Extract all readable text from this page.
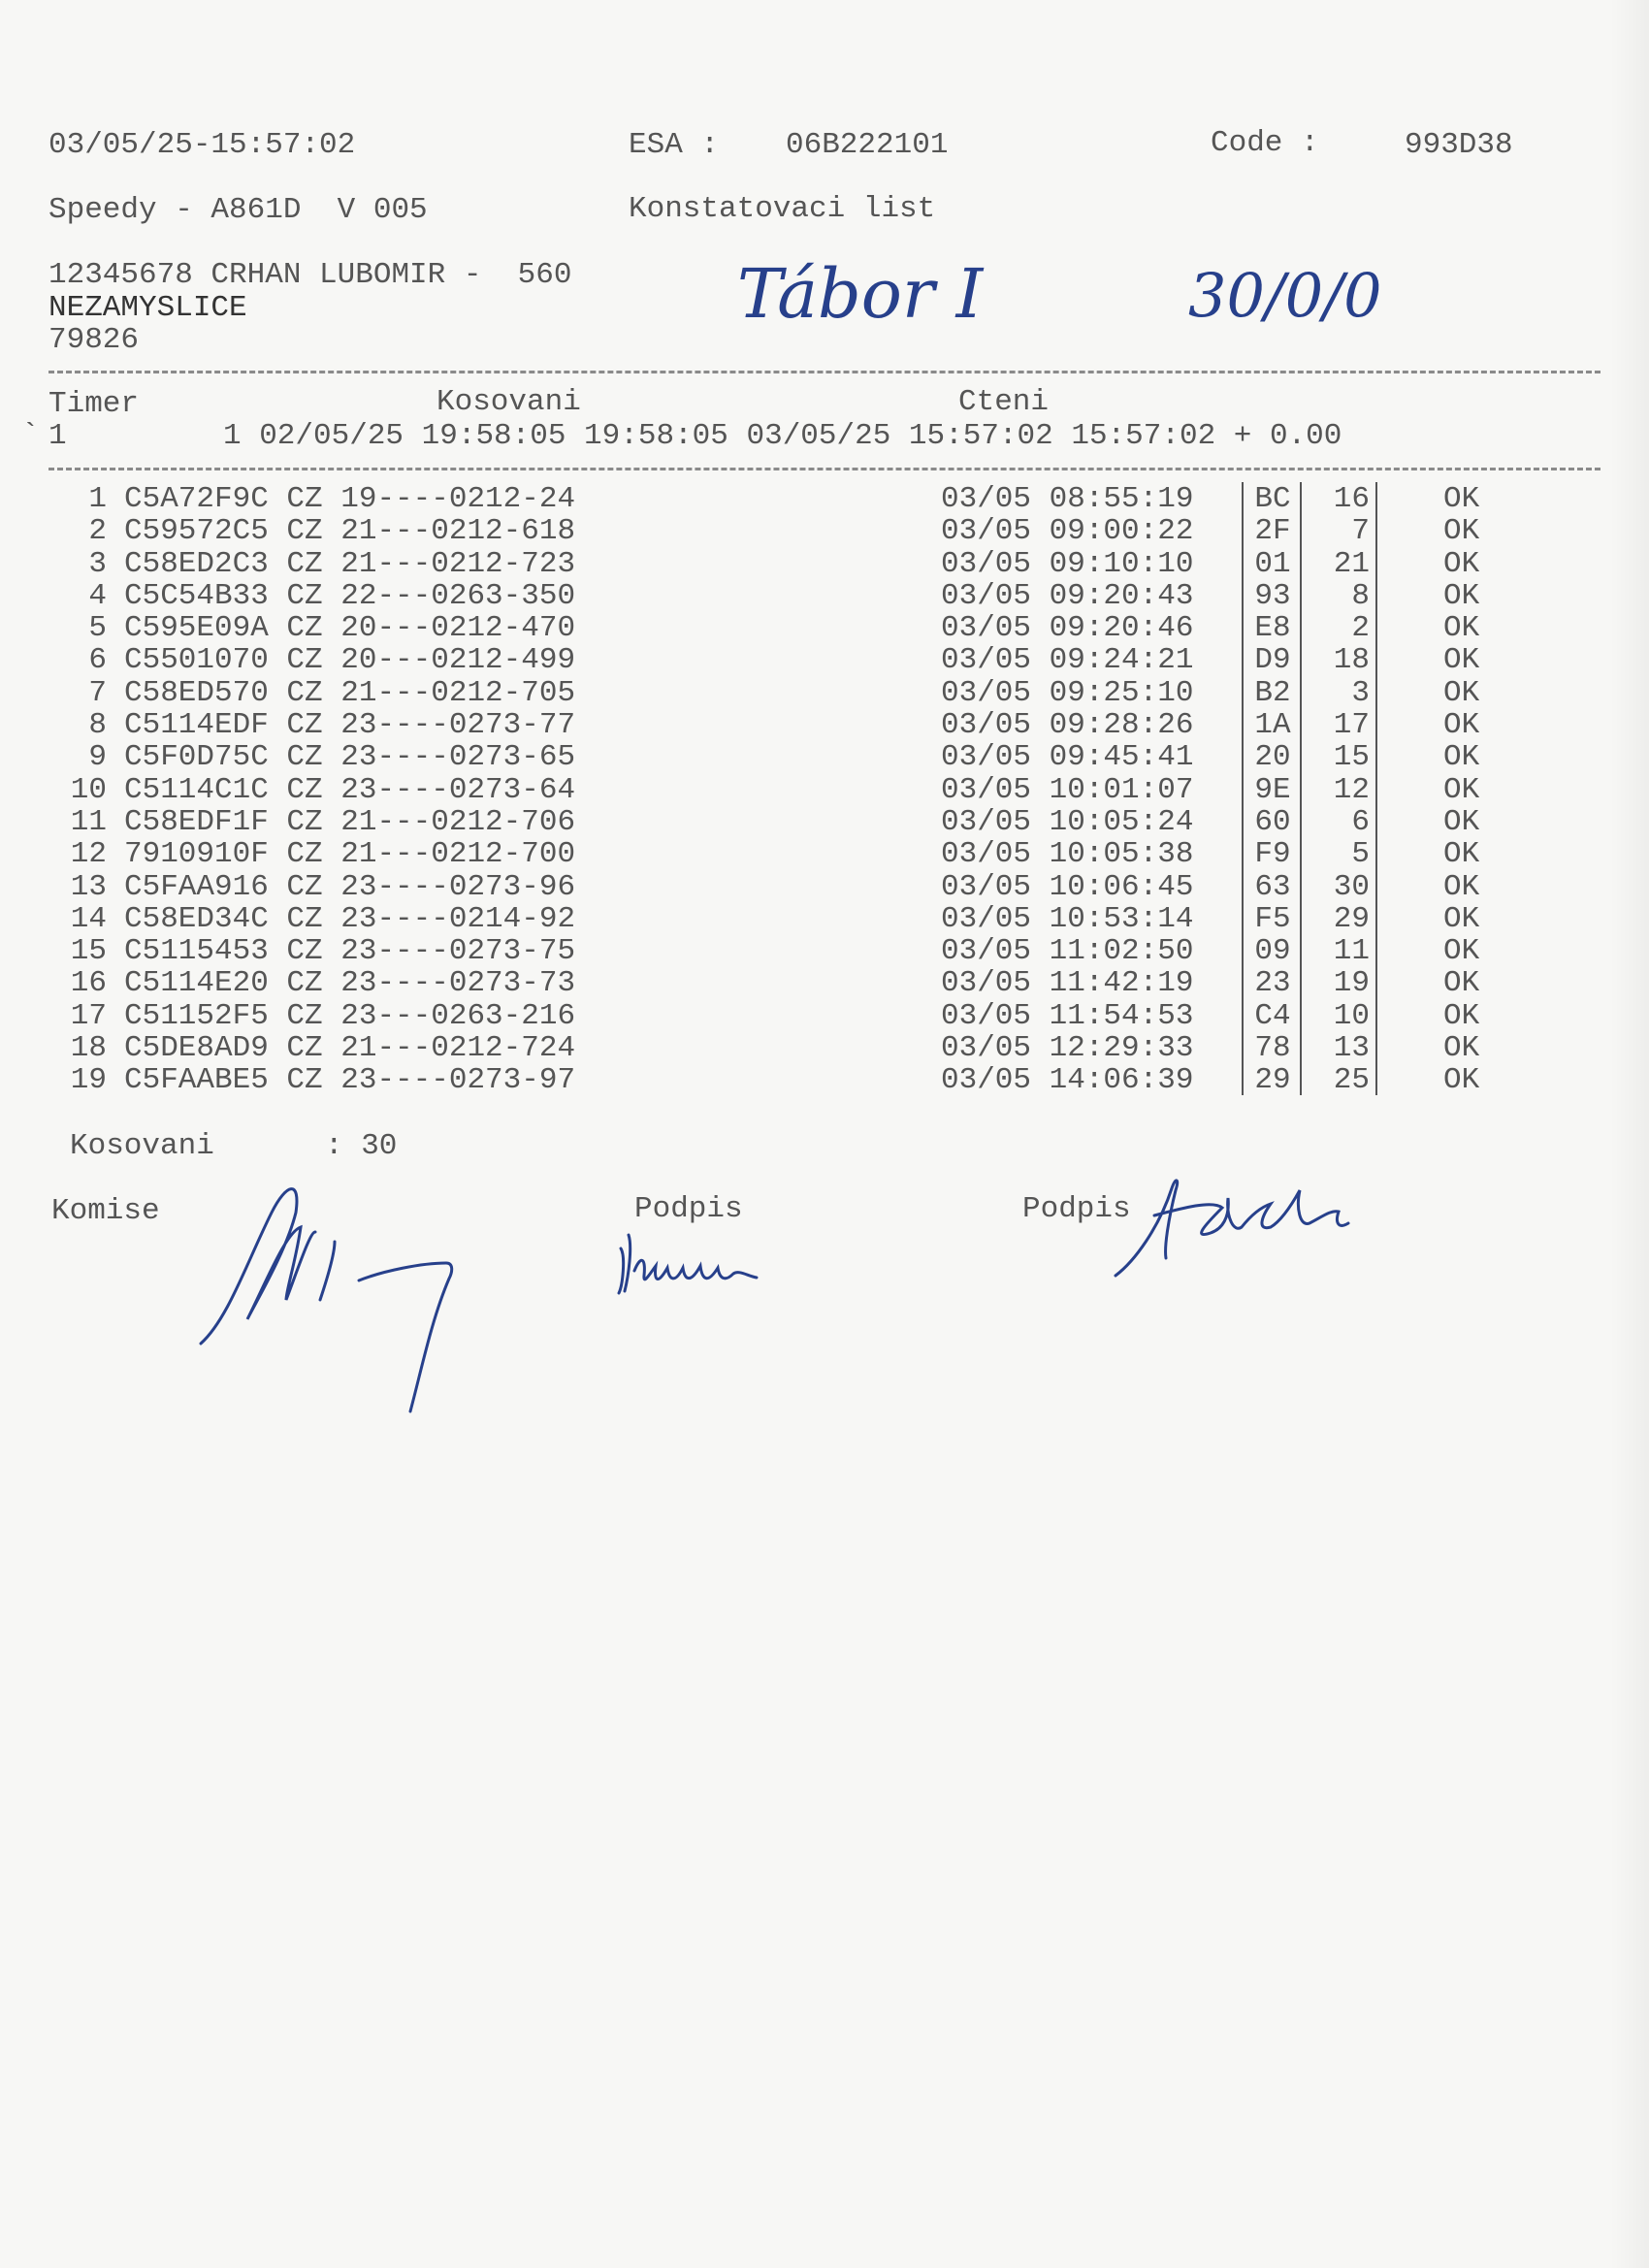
03/05/25-15:57:02	ESA : 06B222101	Code :	993D38
Speedy - A861D  V 005	Konstatovaci list
12345678 CRHAN LUBOMIR -  560
NEZAMYSLICE
79826
Tábor I	30/0/0
Timer	Kosovani	Cteni
` 1	1 02/05/25 19:58:05 19:58:05 03/05/25 15:57:02 15:57:02 + 0.00
1 C5A72F9C CZ 19----0212-24	03/05 08:55:19 BC	16 OK
2 C59572C5 CZ 21---0212-618	03/05 09:00:22 2F	7 OK
3 C58ED2C3 CZ 21---0212-723	03/05 09:10:10 01	21 OK
4 C5C54B33 CZ 22---0263-350	03/05 09:20:43 93	8 OK
5 C595E09A CZ 20---0212-470	03/05 09:20:46 E8	2 OK
6 C5501070 CZ 20---0212-499	03/05 09:24:21 D9	18 OK
7 C58ED570 CZ 21---0212-705	03/05 09:25:10 B2	3 OK
8 C5114EDF CZ 23----0273-77	03/05 09:28:26 1A	17 OK
9 C5F0D75C CZ 23----0273-65	03/05 09:45:41 20	15 OK
10 C5114C1C CZ 23----0273-64	03/05 10:01:07 9E	12 OK
11 C58EDF1F CZ 21---0212-706	03/05 10:05:24 60	6 OK
12 7910910F CZ 21---0212-700	03/05 10:05:38 F9	5 OK
13 C5FAA916 CZ 23----0273-96	03/05 10:06:45 63	30 OK
14 C58ED34C CZ 23----0214-92	03/05 10:53:14 F5	29 OK
15 C5115453 CZ 23----0273-75	03/05 11:02:50 09	11 OK
16 C5114E20 CZ 23----0273-73	03/05 11:42:19 23	19 OK
17 C51152F5 CZ 23---0263-216	03/05 11:54:53 C4	10 OK
18 C5DE8AD9 CZ 21---0212-724	03/05 12:29:33 78	13 OK
19 C5FAABE5 CZ 23----0273-97	03/05 14:06:39 29	25 OK
Kosovani	: 30
Komise	Podpis	Podpis
